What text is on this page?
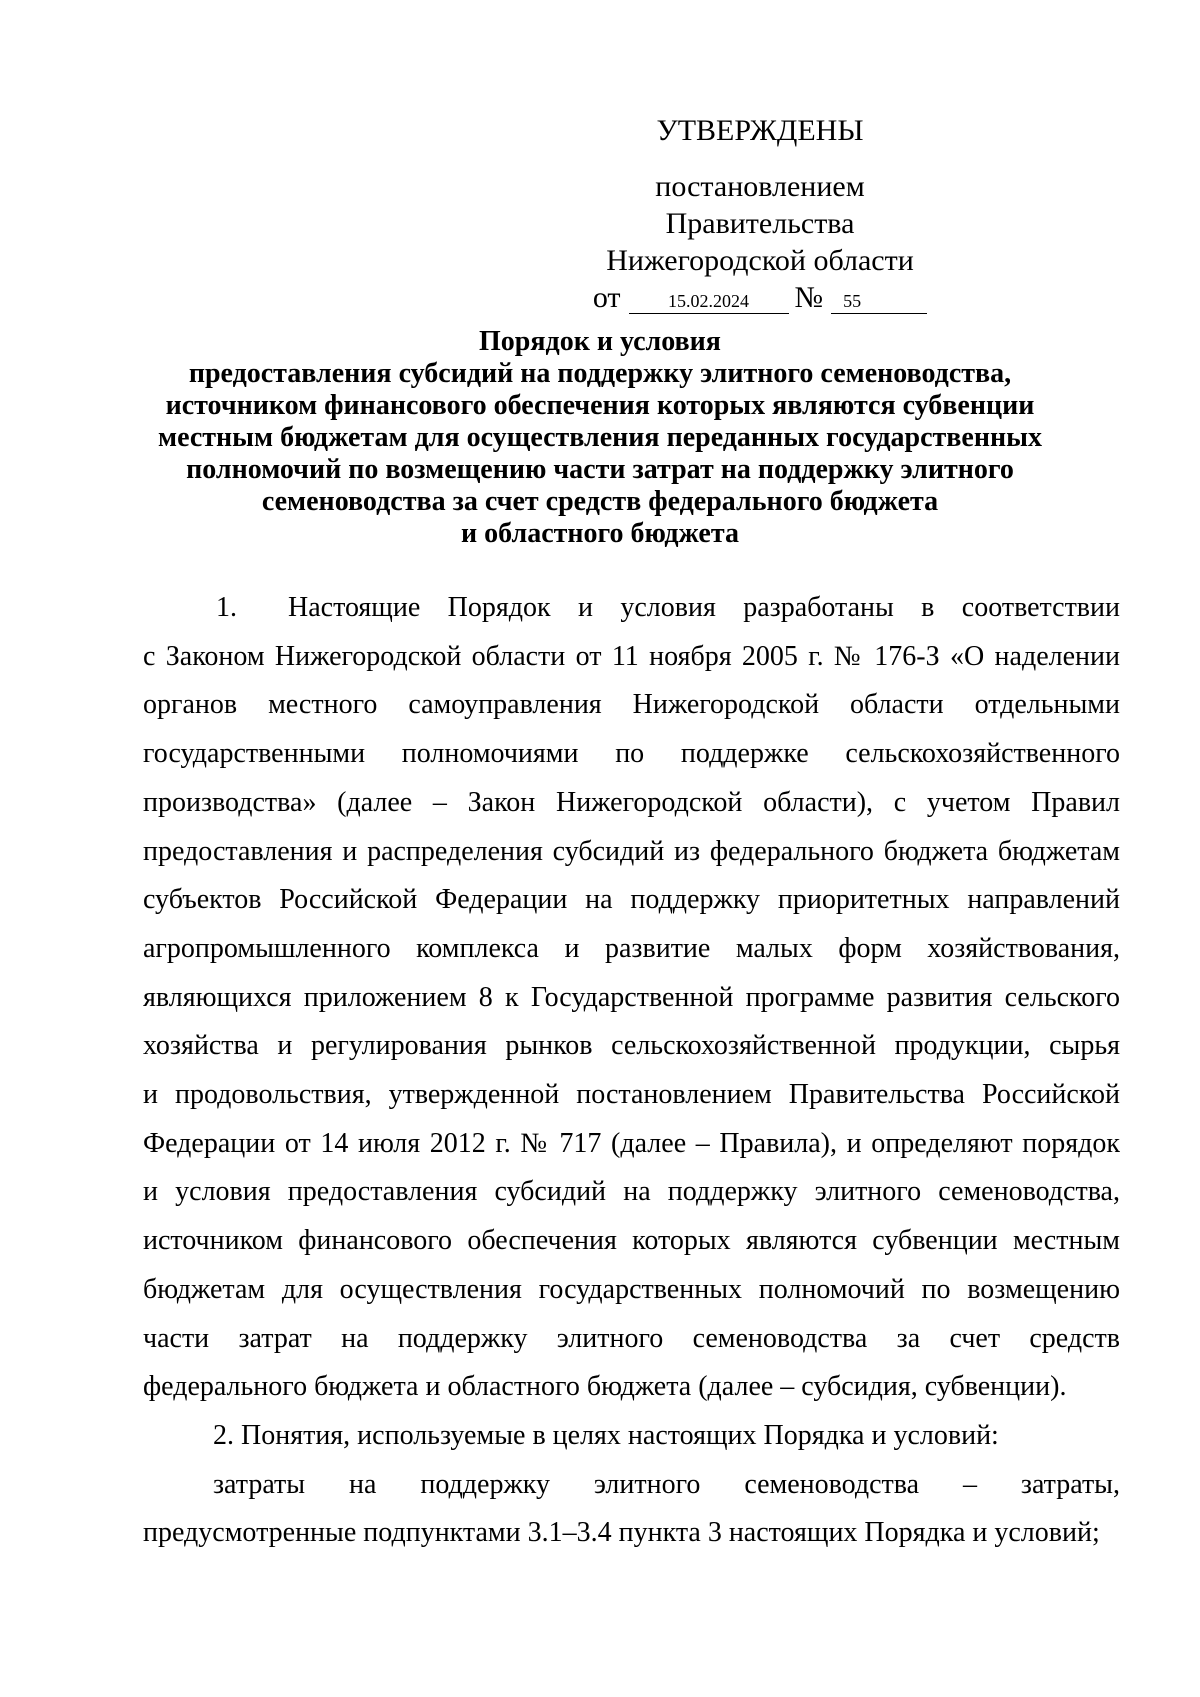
УТВЕРЖДЕНЫ
постановлением Правительства
Нижегородской области
от	15.02.2024	№	55
Порядок и условия
предоставления субсидий на поддержку элитного семеноводства,
источником финансового обеспечения которых являются субвенции
местным бюджетам для осуществления переданных государственных
полномочий по возмещению части затрат на поддержку элитного
семеноводства за счет средств федерального бюджета
и областного бюджета
1. Настоящие Порядок и условия разработаны в соответствии
с Законом Нижегородской области от 11 ноября 2005 г. № 176-З «О наделении
органов местного самоуправления Нижегородской области отдельными
государственными полномочиями по поддержке сельскохозяйственного
производства» (далее – Закон Нижегородской области), с учетом Правил
предоставления и распределения субсидий из федерального бюджета бюджетам
субъектов Российской Федерации на поддержку приоритетных направлений
агропромышленного комплекса и развитие малых форм хозяйствования,
являющихся приложением 8 к Государственной программе развития сельского
хозяйства и регулирования рынков сельскохозяйственной продукции, сырья
и продовольствия, утвержденной постановлением Правительства Российской
Федерации от 14 июля 2012 г. № 717 (далее – Правила), и определяют порядок
и условия предоставления субсидий на поддержку элитного семеноводства,
источником финансового обеспечения которых являются субвенции местным
бюджетам для осуществления государственных полномочий по возмещению
части затрат на поддержку элитного семеноводства за счет средств
федерального бюджета и областного бюджета (далее – субсидия, субвенции).
2. Понятия, используемые в целях настоящих Порядка и условий:
затраты на поддержку элитного семеноводства – затраты,
предусмотренные подпунктами 3.1–3.4 пункта 3 настоящих Порядка и условий;
